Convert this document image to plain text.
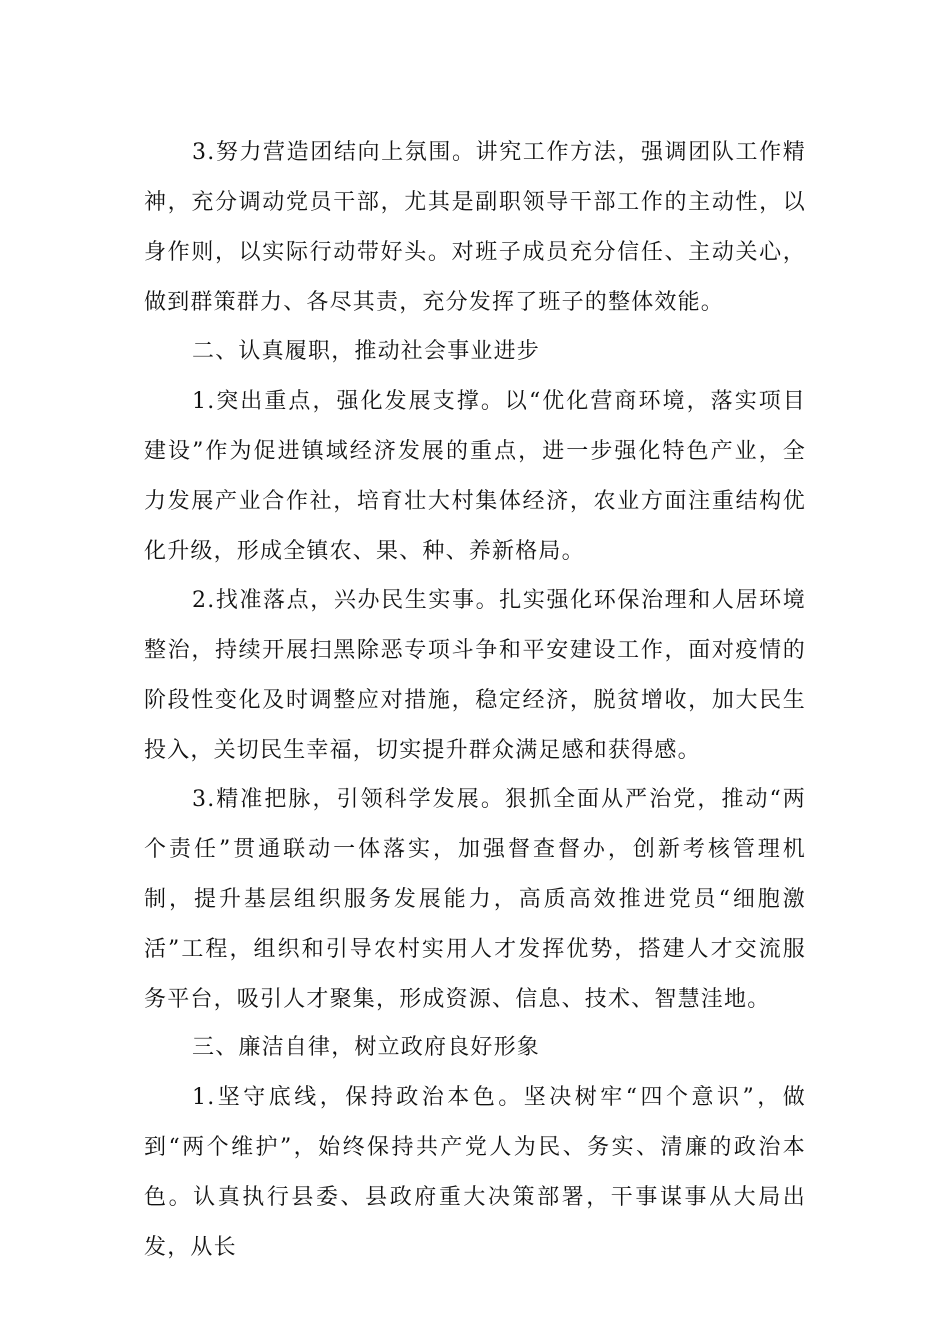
3.努力营造团结向上氛围。讲究工作方法，强调团队工作精神，充分调动党员干部，尤其是副职领导干部工作的主动性，以身作则，以实际行动带好头。对班子成员充分信任、主动关心，做到群策群力、各尽其责，充分发挥了班子的整体效能。

二、认真履职，推动社会事业进步

1.突出重点，强化发展支撑。以“优化营商环境，落实项目建设”作为促进镇域经济发展的重点，进一步强化特色产业，全力发展产业合作社，培育壮大村集体经济，农业方面注重结构优化升级，形成全镇农、果、种、养新格局。

2.找准落点，兴办民生实事。扎实强化环保治理和人居环境整治，持续开展扫黑除恶专项斗争和平安建设工作，面对疫情的阶段性变化及时调整应对措施，稳定经济，脱贫增收，加大民生投入，关切民生幸福，切实提升群众满足感和获得感。

3.精准把脉，引领科学发展。狠抓全面从严治党，推动“两个责任”贯通联动一体落实，加强督查督办，创新考核管理机制，提升基层组织服务发展能力，高质高效推进党员“细胞激活”工程，组织和引导农村实用人才发挥优势，搭建人才交流服务平台，吸引人才聚集，形成资源、信息、技术、智慧洼地。

三、廉洁自律，树立政府良好形象

1.坚守底线，保持政治本色。坚决树牢“四个意识”，做到“两个维护”，始终保持共产党人为民、务实、清廉的政治本色。认真执行县委、县政府重大决策部署，干事谋事从大局出发，从长
